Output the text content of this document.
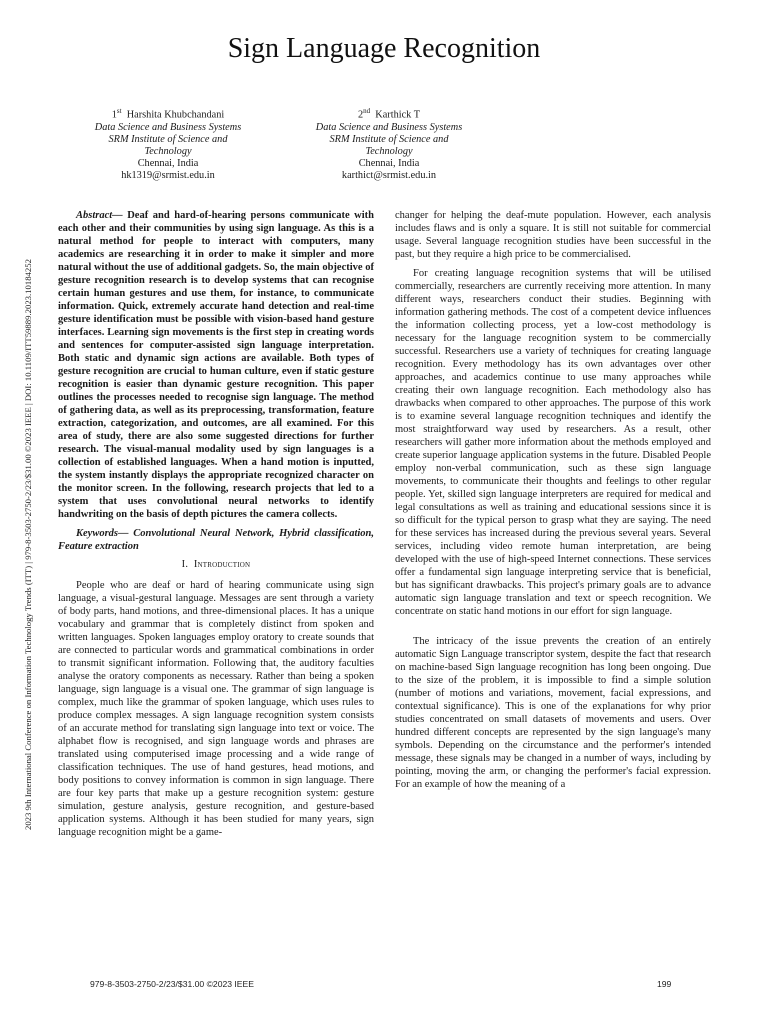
Sign Language Recognition
1st Harshita Khubchandani
Data Science and Business Systems
SRM Institute of Science and
Technology
Chennai, India
hk1319@srmist.edu.in
2nd Karthick T
Data Science and Business Systems
SRM Institute of Science and
Technology
Chennai, India
karthict@srmist.edu.in
2023 9th International Conference on Information Technology Trends (ITT) | 979-8-3503-2750-2/23/$31.00 ©2023 IEEE | DOI: 10.1109/ITT59889.2023.10184252

Abstract— Deaf and hard-of-hearing persons communicate with each other and their communities by using sign language. As this is a natural method for people to interact with computers, many academics are researching it in order to make it simpler and more natural without the use of additional gadgets. So, the main objective of gesture recognition research is to develop systems that can recognise certain human gestures and use them, for instance, to communicate information. Quick, extremely accurate hand detection and real-time gesture identification must be possible with vision-based hand gesture interfaces. Learning sign movements is the first step in creating words and sentences for computer-assisted sign language interpretation. Both static and dynamic sign actions are available. Both types of gesture recognition are crucial to human culture, even if static gesture recognition is easier than dynamic gesture recognition. This paper outlines the processes needed to recognise sign language. The method of gathering data, as well as its preprocessing, transformation, feature extraction, categorization, and outcomes, are all examined. For this area of study, there are also some suggested directions for further research. The visual-manual modality used by sign languages is a collection of established languages. When a hand motion is inputted, the system instantly displays the appropriate recognized character on the monitor screen. In the following, research projects that led to a system that uses convolutional neural networks to identify handwriting on the basis of depth pictures the camera collects.

Keywords— Convolutional Neural Network, Hybrid classification, Feature extraction

I. Introduction

People who are deaf or hard of hearing communicate using sign language, a visual-gestural language. Messages are sent through a variety of body parts, hand motions, and three-dimensional places. It has a unique vocabulary and grammar that is completely distinct from spoken and written languages. Spoken languages employ oratory to create sounds that are connected to particular words and grammatical combinations in order to transmit significant information. Following that, the auditory faculties analyse the oratory components as necessary. Rather than being a spoken language, sign language is a visual one. The grammar of sign language is complex, much like the grammar of spoken language, which uses rules to produce complex messages. A sign language recognition system consists of an accurate method for translating sign language into text or voice. The alphabet flow is recognised, and sign language words and phrases are translated using computerised image processing and a wide range of classification techniques. The use of hand gestures, head motions, and body positions to convey information is common in sign language. There are four key parts that make up a gesture recognition system: gesture simulation, gesture analysis, gesture recognition, and gesture-based application systems. Although it has been studied for many years, sign language recognition might be a game-

changer for helping the deaf-mute population. However, each analysis includes flaws and is only a square. It is still not suitable for commercial usage. Several language recognition studies have been successful in the past, but they require a high price to be commercialised.

For creating language recognition systems that will be utilised commercially, researchers are currently receiving more attention. In many different ways, researchers conduct their studies. Beginning with information gathering methods. The cost of a competent device influences the information collecting process, yet a low-cost methodology is necessary for the language recognition system to be commercially successful. Researchers use a variety of techniques for creating language recognition. Every methodology has its own advantages over other approaches, and academics continue to use many approaches while creating their own language recognition. Each methodology also has drawbacks when compared to other approaches. The purpose of this work is to examine several language recognition techniques and identify the most straightforward way used by researchers. As a result, other researchers will gather more information about the methods employed and create superior language application systems in the future. Disabled People employ non-verbal communication, such as these sign language movements, to communicate their thoughts and feelings to other regular people. Yet, skilled sign language interpreters are required for medical and legal consultations as well as training and educational sessions since it is so difficult for the typical person to grasp what they are saying. The need for these services has increased during the previous several years. Several services, including video remote human interpretation, are being developed with the use of high-speed Internet connections. These services offer a fundamental sign language interpreting service that is beneficial, but has significant drawbacks. This project's primary goals are to advance automatic sign language translation and text or speech recognition. We concentrate on static hand motions in our effort for sign language.

The intricacy of the issue prevents the creation of an entirely automatic Sign Language transcriptor system, despite the fact that research on machine-based Sign language recognition has long been ongoing. Due to the size of the problem, it is impossible to find a simple solution (number of motions and variations, movement, facial expressions, and contextual significance). This is one of the explanations for why prior studies concentrated on small datasets of movements and users. Over hundred different concepts are represented by the sign language's many symbols. Depending on the circumstance and the performer's intended message, these signals may be changed in a number of ways, including by pointing, moving the arm, or changing the performer's facial expression. For an example of how the meaning of a

979-8-3503-2750-2/23/$31.00 ©2023 IEEE	199
